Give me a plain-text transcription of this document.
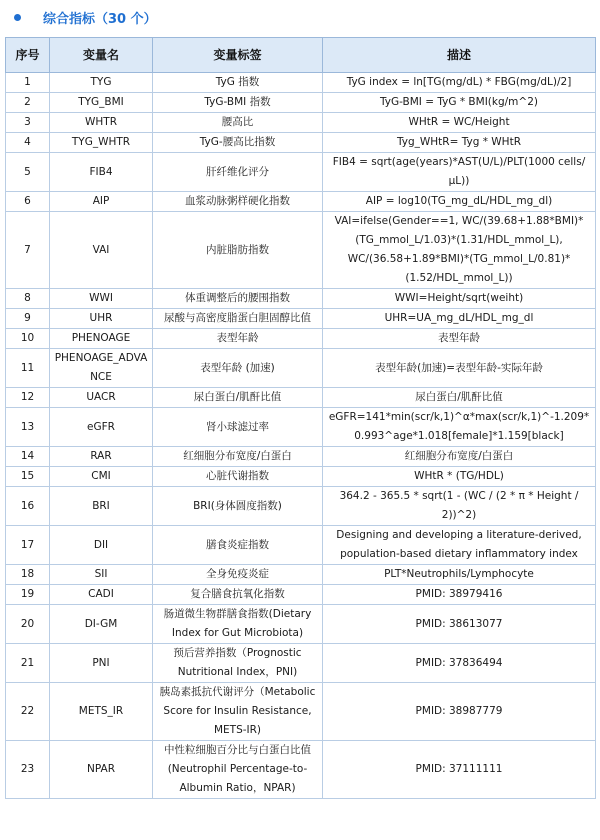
综合指标（30 个）
序号	变量名	变量标签	描述
1	TYG	TyG 指数	TyG index = ln[TG(mg/dL) * FBG(mg/dL)/2]
2	TYG_BMI	TyG-BMI 指数	TyG-BMI = TyG * BMI(kg/m^2)
3	WHTR	腰高比	WHtR = WC/Height
4	TYG_WHTR	TyG-腰高比指数	Tyg_WHtR= Tyg * WHtR
5	FIB4	肝纤维化评分	FIB4 = sqrt(age(years)*AST(U/L)/PLT(1000 cells/µL))
6	AIP	血浆动脉粥样硬化指数	AIP = log10(TG_mg_dL/HDL_mg_dl)
7	VAI	内脏脂肪指数	VAI=ifelse(Gender==1, WC/(39.68+1.88*BMI)*(TG_mmol_L/1.03)*(1.31/HDL_mmol_L), WC/(36.58+1.89*BMI)*(TG_mmol_L/0.81)*(1.52/HDL_mmol_L))
8	WWI	体重调整后的腰围指数	WWI=Height/sqrt(weiht)
9	UHR	尿酸与高密度脂蛋白胆固醇比值	UHR=UA_mg_dL/HDL_mg_dl
10	PHENOAGE	表型年龄	表型年龄
11	PHENOAGE_ADVANCE	表型年龄 (加速)	表型年龄(加速)=表型年龄-实际年龄
12	UACR	尿白蛋白/肌酐比值	尿白蛋白/肌酐比值
13	eGFR	肾小球滤过率	eGFR=141*min(scr/k,1)^α*max(scr/k,1)^-1.209*0.993^age*1.018[female]*1.159[black]
14	RAR	红细胞分布宽度/白蛋白	红细胞分布宽度/白蛋白
15	CMI	心脏代谢指数	WHtR * (TG/HDL)
16	BRI	BRI(身体圆度指数)	364.2 - 365.5 * sqrt(1 - (WC / (2 * π * Height / 2))^2)
17	DII	膳食炎症指数	Designing and developing a literature-derived, population-based dietary inflammatory index
18	SII	全身免疫炎症	PLT*Neutrophils/Lymphocyte
19	CADI	复合膳食抗氧化指数	PMID: 38979416
20	DI-GM	肠道微生物群膳食指数(Dietary Index for Gut Microbiota)	PMID: 38613077
21	PNI	预后营养指数（Prognostic Nutritional Index，PNI)	PMID: 37836494
22	METS_IR	胰岛素抵抗代谢评分（Metabolic Score for Insulin Resistance, METS-IR)	PMID: 38987779
23	NPAR	中性粒细胞百分比与白蛋白比值(Neutrophil Percentage-to-Albumin Ratio，NPAR)	PMID: 37111111
